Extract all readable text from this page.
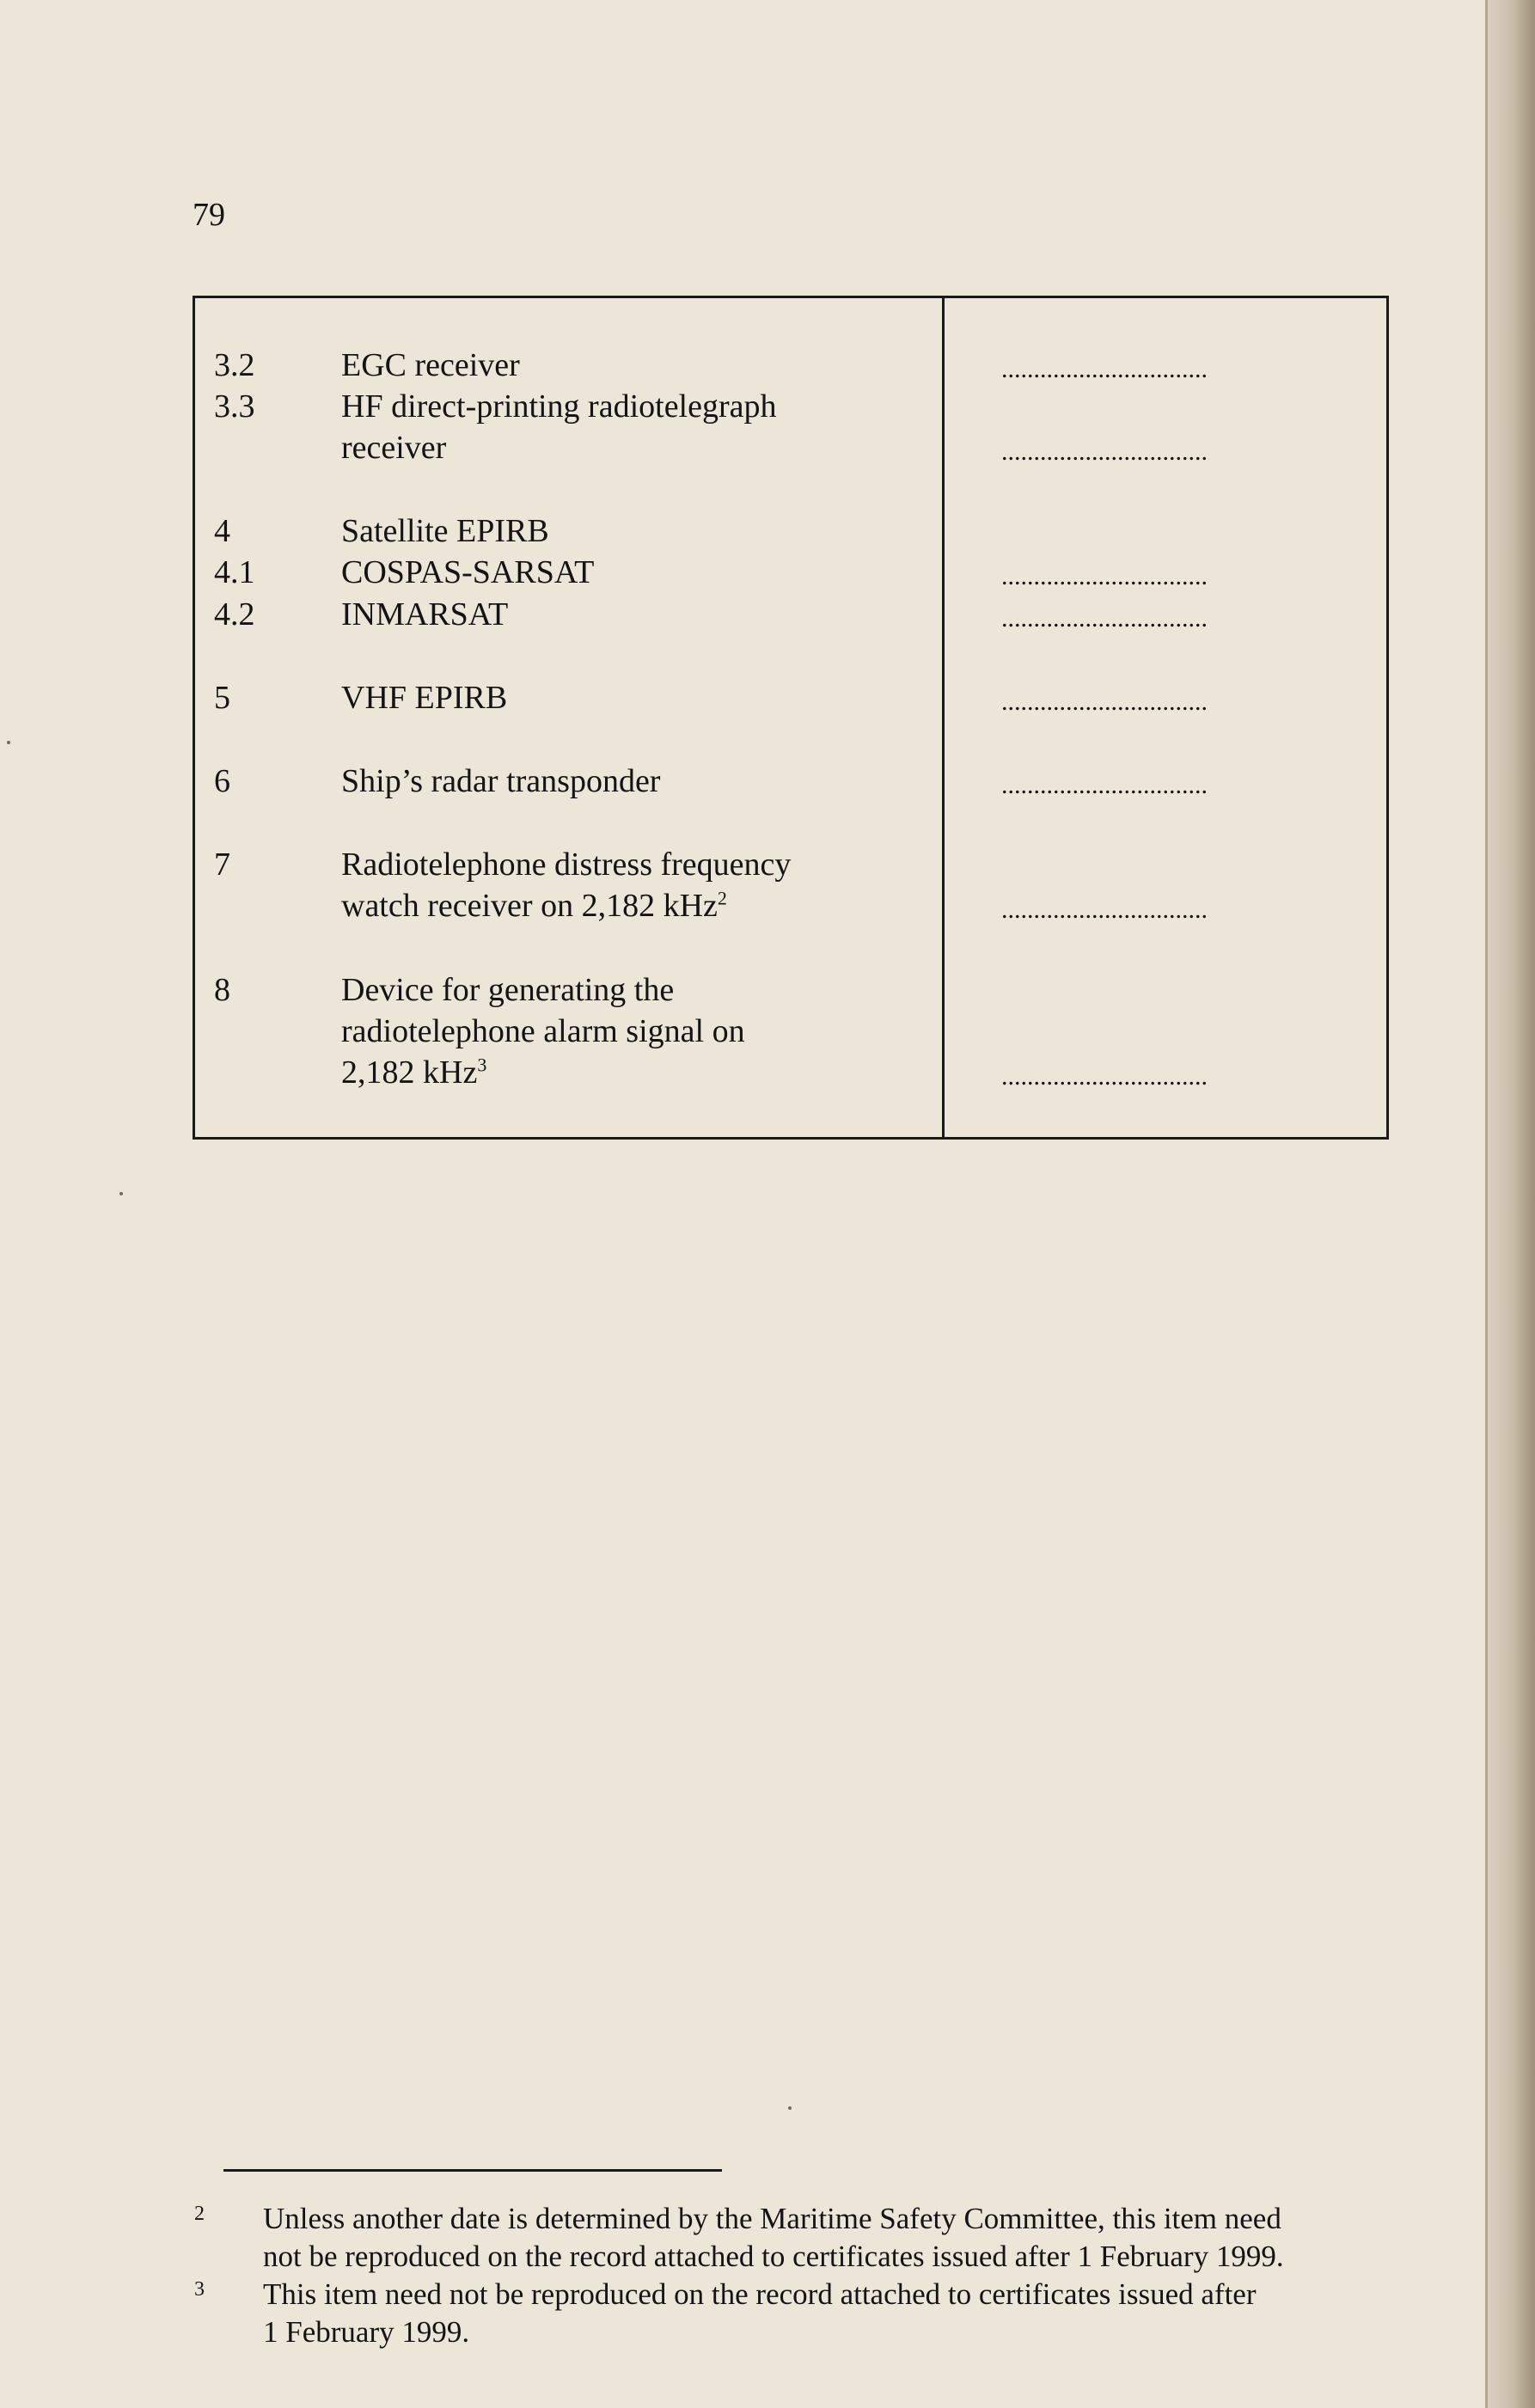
79
3.2	EGC receiver	................................
3.3	HF direct-printing radiotelegraph
receiver	................................
4	Satellite EPIRB
4.1	COSPAS-SARSAT	................................
4.2	INMARSAT	................................
5	VHF EPIRB	................................
6	Ship’s radar transponder	................................
7	Radiotelephone distress frequency
watch receiver on 2,182 kHz$^2$	................................
8	Device for generating the
radiotelephone alarm signal on
2,182 kHz$^3$	................................
2 Unless another date is determined by the Maritime Safety Committee, this item need
not be reproduced on the record attached to certificates issued after 1 February 1999.
3 This item need not be reproduced on the record attached to certificates issued after
1 February 1999.
